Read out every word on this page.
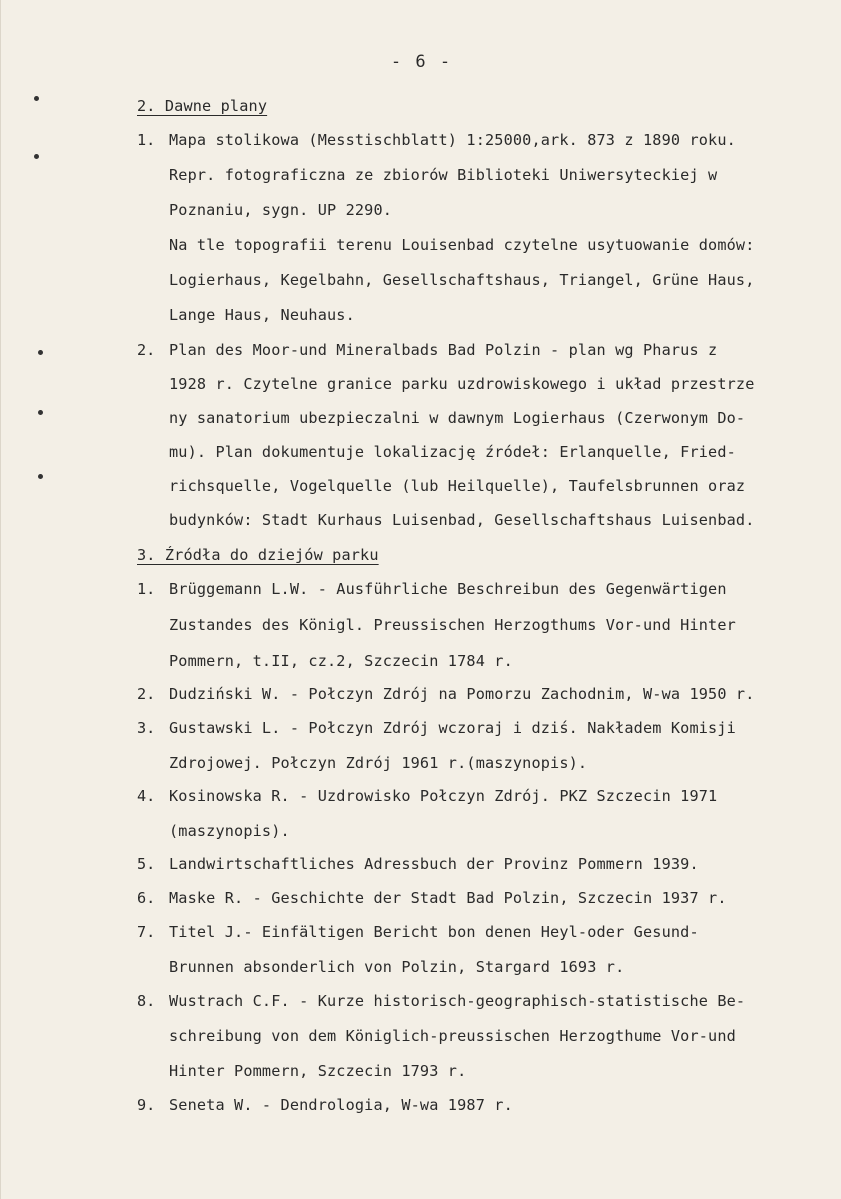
- 6 -
2. Dawne plany
1. Mapa stolikowa (Messtischblatt) 1:25000,ark. 873 z 1890 roku.
Repr. fotograficzna ze zbiorów Biblioteki Uniwersyteckiej w
Poznaniu, sygn. UP 2290.
Na tle topografii terenu Louisenbad czytelne usytuowanie domów:
Logierhaus, Kegelbahn, Gesellschaftshaus, Triangel, Grüne Haus,
Lange Haus, Neuhaus.
2. Plan des Moor-und Mineralbads Bad Polzin - plan wg Pharus z
1928 r. Czytelne granice parku uzdrowiskowego i układ przestrze
ny sanatorium ubezpieczalni w dawnym Logierhaus (Czerwonym Do-
mu). Plan dokumentuje lokalizację źródeł: Erlanquelle, Fried-
richsquelle, Vogelquelle (lub Heilquelle), Taufelsbrunnen oraz
budynków: Stadt Kurhaus Luisenbad, Gesellschaftshaus Luisenbad.
3. Źródła do dziejów parku
1. Brüggemann L.W. - Ausführliche Beschreibun des Gegenwärtigen
Zustandes des Königl. Preussischen Herzogthums Vor-und Hinter
Pommern, t.II, cz.2, Szczecin 1784 r.
2. Dudziński W. - Połczyn Zdrój na Pomorzu Zachodnim, W-wa 1950 r.
3. Gustawski L. - Połczyn Zdrój wczoraj i dziś. Nakładem Komisji
Zdrojowej. Połczyn Zdrój 1961 r.(maszynopis).
4. Kosinowska R. - Uzdrowisko Połczyn Zdrój. PKZ Szczecin 1971
(maszynopis).
5. Landwirtschaftliches Adressbuch der Provinz Pommern 1939.
6. Maske R. - Geschichte der Stadt Bad Polzin, Szczecin 1937 r.
7. Titel J.- Einfältigen Bericht bon denen Heyl-oder Gesund-
Brunnen absonderlich von Polzin, Stargard 1693 r.
8. Wustrach C.F. - Kurze historisch-geographisch-statistische Be-
schreibung von dem Königlich-preussischen Herzogthume Vor-und
Hinter Pommern, Szczecin 1793 r.
9. Seneta W. - Dendrologia, W-wa 1987 r.
